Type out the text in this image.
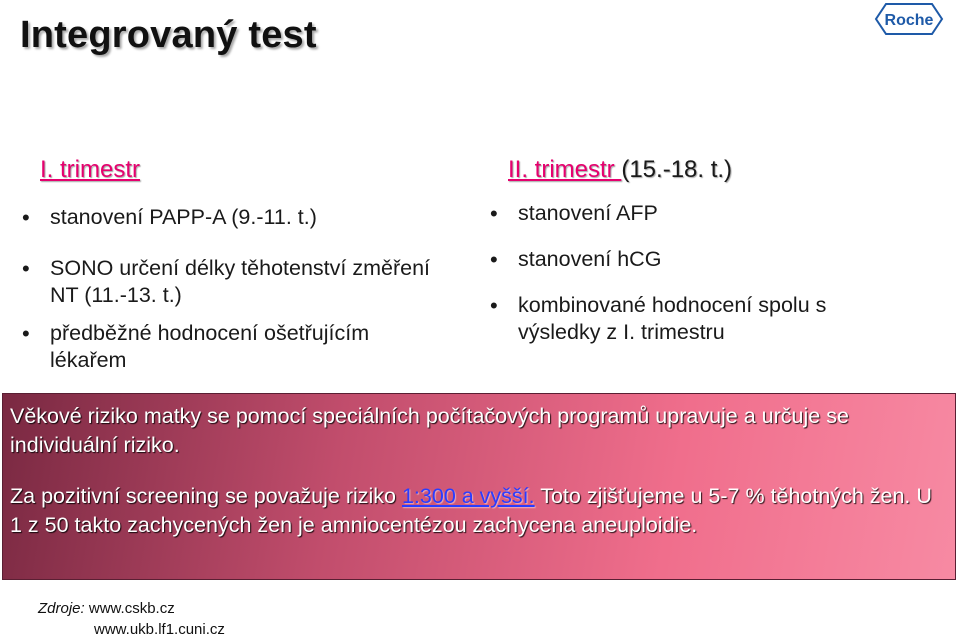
Integrovaný test	Roche
I. trimestr
• stanovení PAPP-A (9.-11. t.)
• SONO určení délky těhotenství změření NT (11.-13. t.)
• předběžné hodnocení ošetřujícím lékařem
II. trimestr (15.-18. t.)
• stanovení AFP
• stanovení hCG
• kombinované hodnocení spolu s výsledky z I. trimestru
Věkové riziko matky se pomocí speciálních počítačových programů upravuje a určuje se individuální riziko.
Za pozitivní screening se považuje riziko 1:300 a vyšší. Toto zjišťujeme u 5-7 % těhotných žen. U 1 z 50 takto zachycených žen je amniocentézou zachycena aneuploidie.
Zdroje: www.cskb.cz
www.ukb.lf1.cuni.cz
